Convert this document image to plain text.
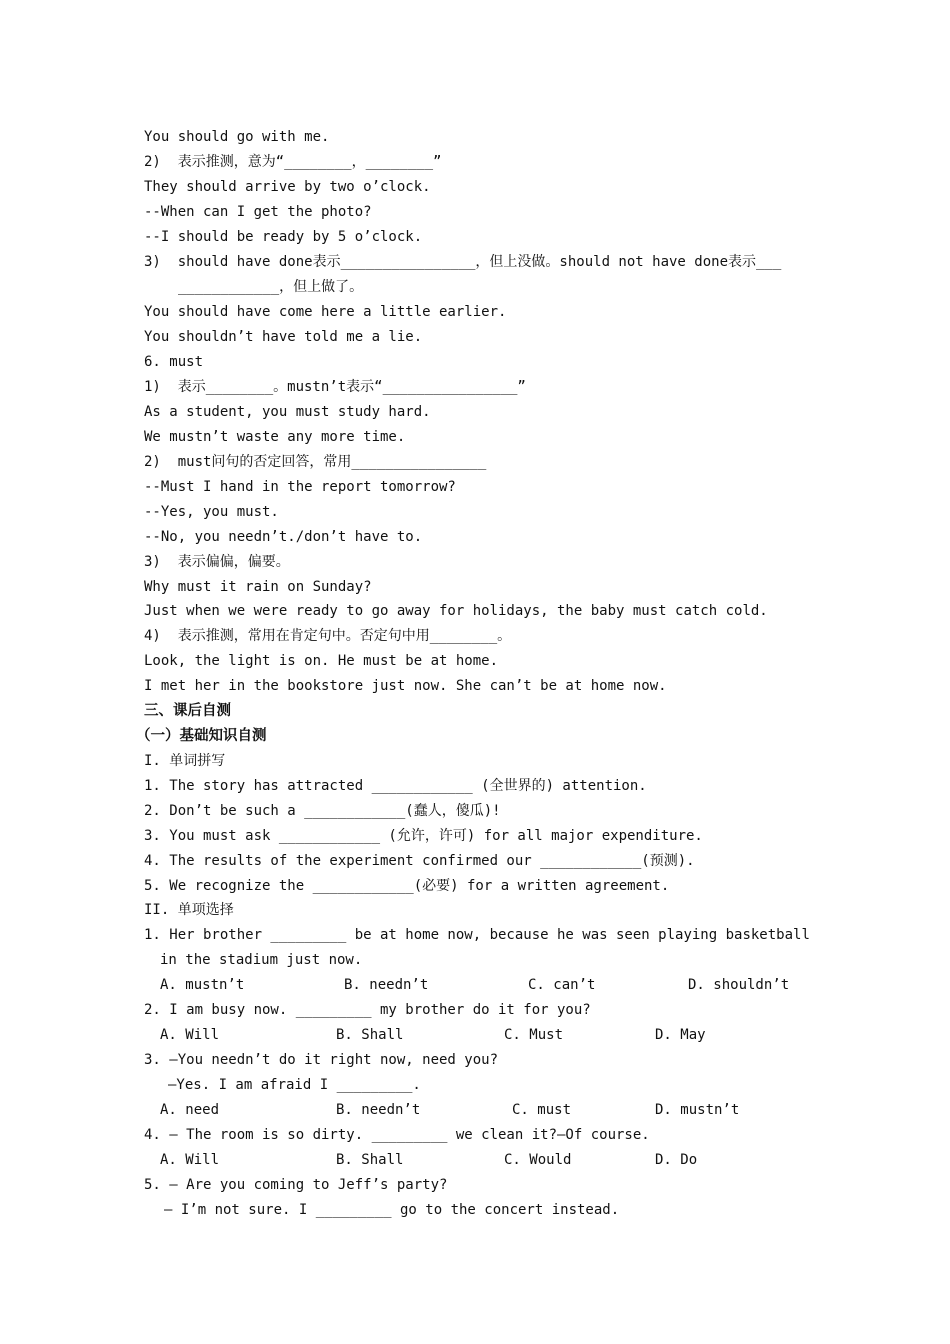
You should go with me.
2)  表示推测，意为“________，________”
They should arrive by two o’clock.
--When can I get the photo?
--I should be ready by 5 o’clock.
3)  should have done表示________________，但上没做。should not have done表示___
____________，但上做了。
You should have come here a little earlier.
You shouldn’t have told me a lie.
6. must
1)  表示________。mustn’t表示“________________”
As a student, you must study hard.
We mustn’t waste any more time.
2)  must问句的否定回答，常用________________
--Must I hand in the report tomorrow?
--Yes, you must.
--No, you needn’t./don’t have to.
3)  表示偏偏，偏要。
Why must it rain on Sunday?
Just when we were ready to go away for holidays, the baby must catch cold.
4)  表示推测，常用在肯定句中。否定句中用________。
Look, the light is on. He must be at home.
I met her in the bookstore just now. She can’t be at home now.
三、课后自测
（一）基础知识自测
I. 单词拼写
1. The story has attracted ____________ (全世界的) attention.
2. Don’t be such a ____________(蠢人，傻瓜)!
3. You must ask ____________ (允许，许可) for all major expenditure.
4. The results of the experiment confirmed our ____________(预测).
5. We recognize the ____________(必要) for a written agreement.
II. 单项选择
1. Her brother _________ be at home now, because he was seen playing basketball
in the stadium just now.
A. mustn’t	B. needn’t	C. can’t	D. shouldn’t
2. I am busy now. _________ my brother do it for you?
A. Will	B. Shall	C. Must	D. May
3. —You needn’t do it right now, need you?
—Yes. I am afraid I _________.
A. need	B. needn’t	C. must	D. mustn’t
4. – The room is so dirty. _________ we clean it?—Of course.
A. Will	B. Shall	C. Would	D. Do
5. – Are you coming to Jeff’s party?
– I’m not sure. I _________ go to the concert instead.
